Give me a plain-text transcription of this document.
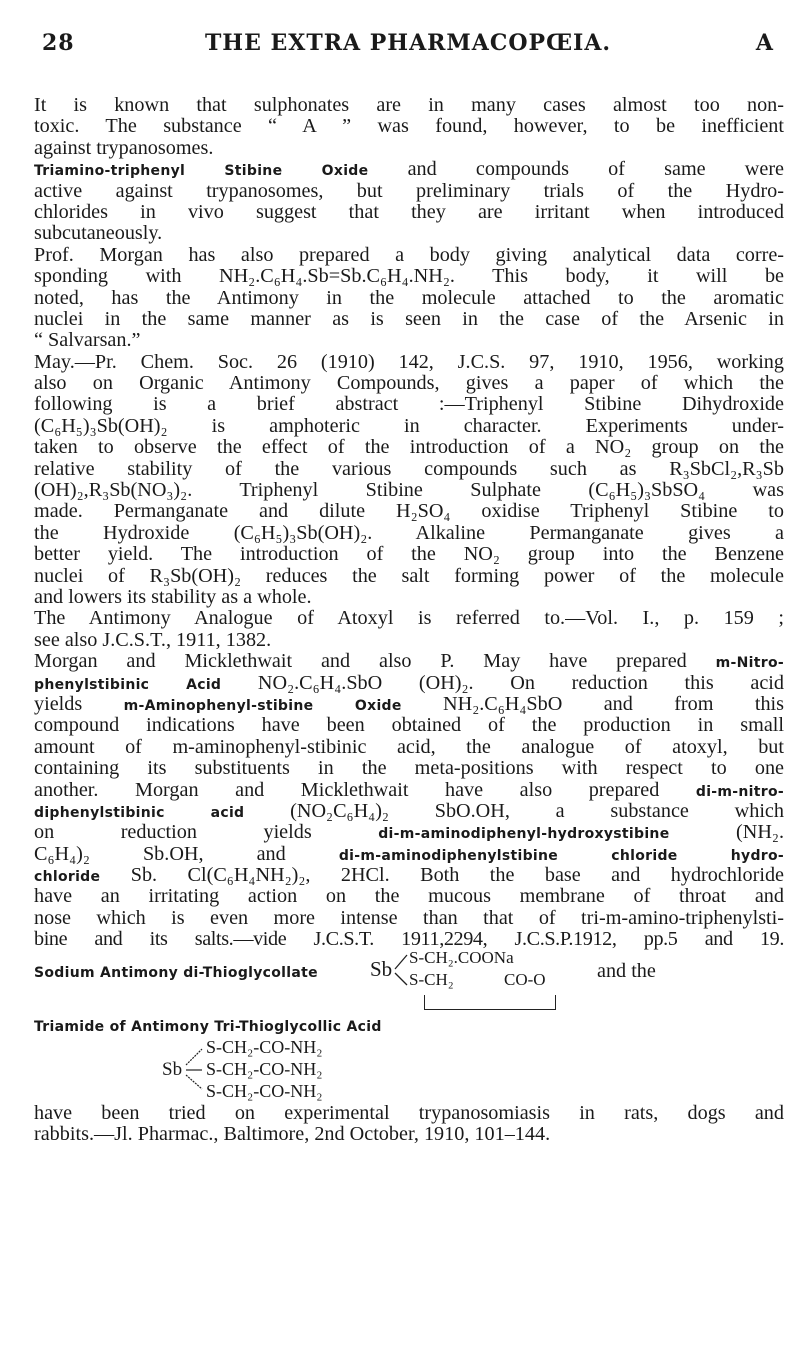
28	THE EXTRA PHARMACOPŒIA.	A
It is known that sulphonates are in many cases almost too non-
toxic. The substance “ A ” was found, however, to be inefficient
against trypanosomes.
Triamino-triphenyl Stibine Oxide and compounds of same were
active against trypanosomes, but preliminary trials of the Hydro-
chlorides in vivo suggest that they are irritant when introduced
subcutaneously.
Prof. Morgan has also prepared a body giving analytical data corre-
sponding with NH₂.C₆H₄.Sb=Sb.C₆H₄.NH₂. This body, it will be
noted, has the Antimony in the molecule attached to the aromatic
nuclei in the same manner as is seen in the case of the Arsenic in
“ Salvarsan.”
May.—Pr. Chem. Soc. 26 (1910) 142, J.C.S. 97, 1910, 1956, working
also on Organic Antimony Compounds, gives a paper of which the
following is a brief abstract :—Triphenyl Stibine Dihydroxide
(C₆H₅)₃Sb(OH)₂ is amphoteric in character. Experiments under-
taken to observe the effect of the introduction of a NO₂ group on the
relative stability of the various compounds such as R₃SbCl₂,R₃Sb
(OH)₂,R₃Sb(NO₃)₂. Triphenyl Stibine Sulphate (C₆H₅)₃SbSO₄ was
made. Permanganate and dilute H₂SO₄ oxidise Triphenyl Stibine to
the Hydroxide (C₆H₅)₃Sb(OH)₂. Alkaline Permanganate gives a
better yield. The introduction of the NO₂ group into the Benzene
nuclei of R₃Sb(OH)₂ reduces the salt forming power of the molecule
and lowers its stability as a whole.
The Antimony Analogue of Atoxyl is referred to.—Vol. I., p. 159 ;
see also J.C.S.T., 1911, 1382.
Morgan and Micklethwait and also P. May have prepared m-Nitro-
phenylstibinic Acid NO₂.C₆H₄.SbO (OH)₂. On reduction this acid
yields m-Aminophenyl-stibine Oxide NH₂.C₆H₄SbO and from this
compound indications have been obtained of the production in small
amount of m-aminophenyl-stibinic acid, the analogue of atoxyl, but
containing its substituents in the meta-positions with respect to one
another. Morgan and Micklethwait have also prepared di-m-nitro-
diphenylstibinic acid (NO₂C₆H₄)₂ SbO.OH, a substance which
on reduction yields di-m-aminodiphenyl-hydroxystibine (NH₂.
C₆H₄)₂ Sb.OH, and di-m-aminodiphenylstibine chloride hydro-
chloride Sb. Cl(C₆H₄NH₂)₂, 2HCl. Both the base and hydrochloride
have an irritating action on the mucous membrane of throat and
nose which is even more intense than that of tri-m-amino-triphenylsti-
bine and its salts.—vide J.C.S.T. 1911,2294, J.C.S.P.1912, pp.5 and 19.
Sodium Antimony di-Thioglycollate Sb S-CH₂.COONa
S-CH₂	CO-O	and the
Triamide of Antimony Tri-Thioglycollic Acid
Sb
S-CH₂-CO-NH₂
S-CH₂-CO-NH₂
S-CH₂-CO-NH₂
have been tried on experimental trypanosomiasis in rats, dogs and
rabbits.—Jl. Pharmac., Baltimore, 2nd October, 1910, 101–144.
